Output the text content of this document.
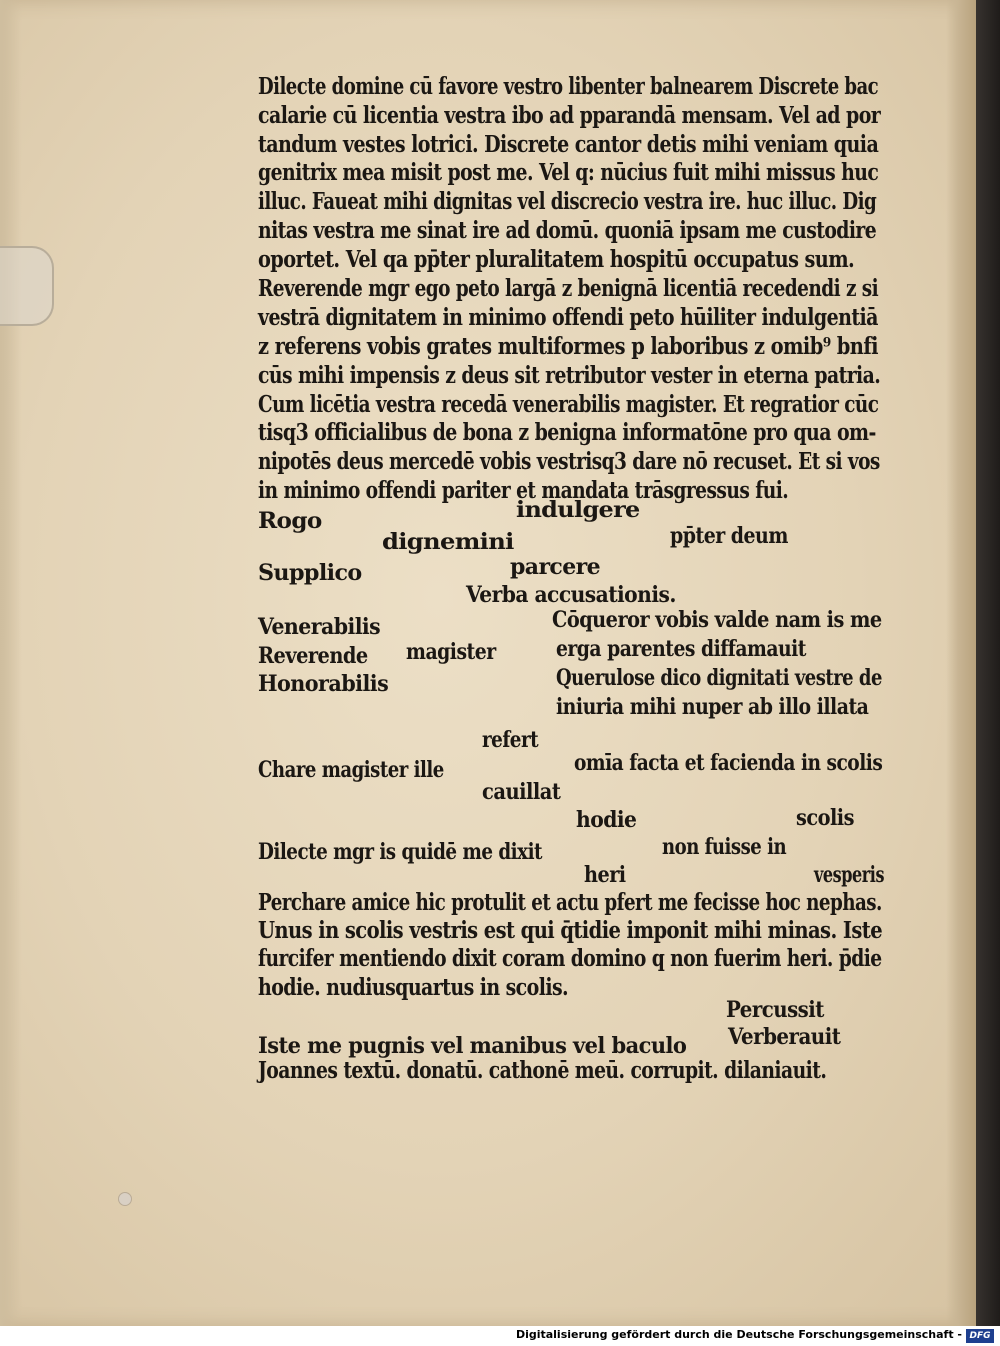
Dilecte domine cū favore vestro libenter balnearem Discrete bac
calarie cū licentia vestra ibo ad pparandā mensam. Vel ad por
tandum vestes lotrici. Discrete cantor detis mihi veniam quia
genitrix mea misit post me. Vel q: nūcius fuit mihi missus huc
illuc. Faueat mihi dignitas vel discrecio vestra ire. huc illuc. Dig
nitas vestra me sinat ire ad domū. quoniā ipsam me custodire
oportet. Vel qa pp̄ter pluralitatem hospitū occupatus sum.
Reverende mgr ego peto largā z benignā licentiā recedendi z si
vestrā dignitatem in minimo offendi peto hūiliter indulgentiā
z referens vobis grates multiformes p laboribus z omib⁹ bnfi
cūs mihi impensis z deus sit retributor vester in eterna patria.
Cum licētia vestra recedā venerabilis magister. Et regratior cūc
tisq3 officialibus de bona z benigna informatōne pro qua om-
nipotēs deus mercedē vobis vestrisq3 dare nō recuset. Et si vos
in minimo offendi pariter et mandata trāsgressus fui.
Rogo	indulgere
dignemini	pp̄ter deum
Supplico	parcere
Verba accusationis.
Venerabilis	Cōqueror vobis valde nam is me
Reverende magister	erga parentes diffamauit
Honorabilis	Querulose dico dignitati vestre de
iniuria mihi nuper ab illo illata
refert
Chare magister ille	omīa facta et facienda in scolis
cauillat
hodie	scolis
Dilecte mgr is quidē me dixit	non fuisse in
heri	vesperis
Perchare amice hic protulit et actu pfert me fecisse hoc nephas.
Unus in scolis vestris est qui q̄tidie imponit mihi minas. Iste
furcifer mentiendo dixit coram domino q non fuerim heri. p̄die
hodie. nudiusquartus in scolis.
Percussit
Iste me pugnis vel manibus vel baculo Verberauit
Joannes textū. donatū. cathonē meū. corrupit. dilaniauit.
Digitalisierung gefördert durch die Deutsche Forschungsgemeinschaft - DFG
